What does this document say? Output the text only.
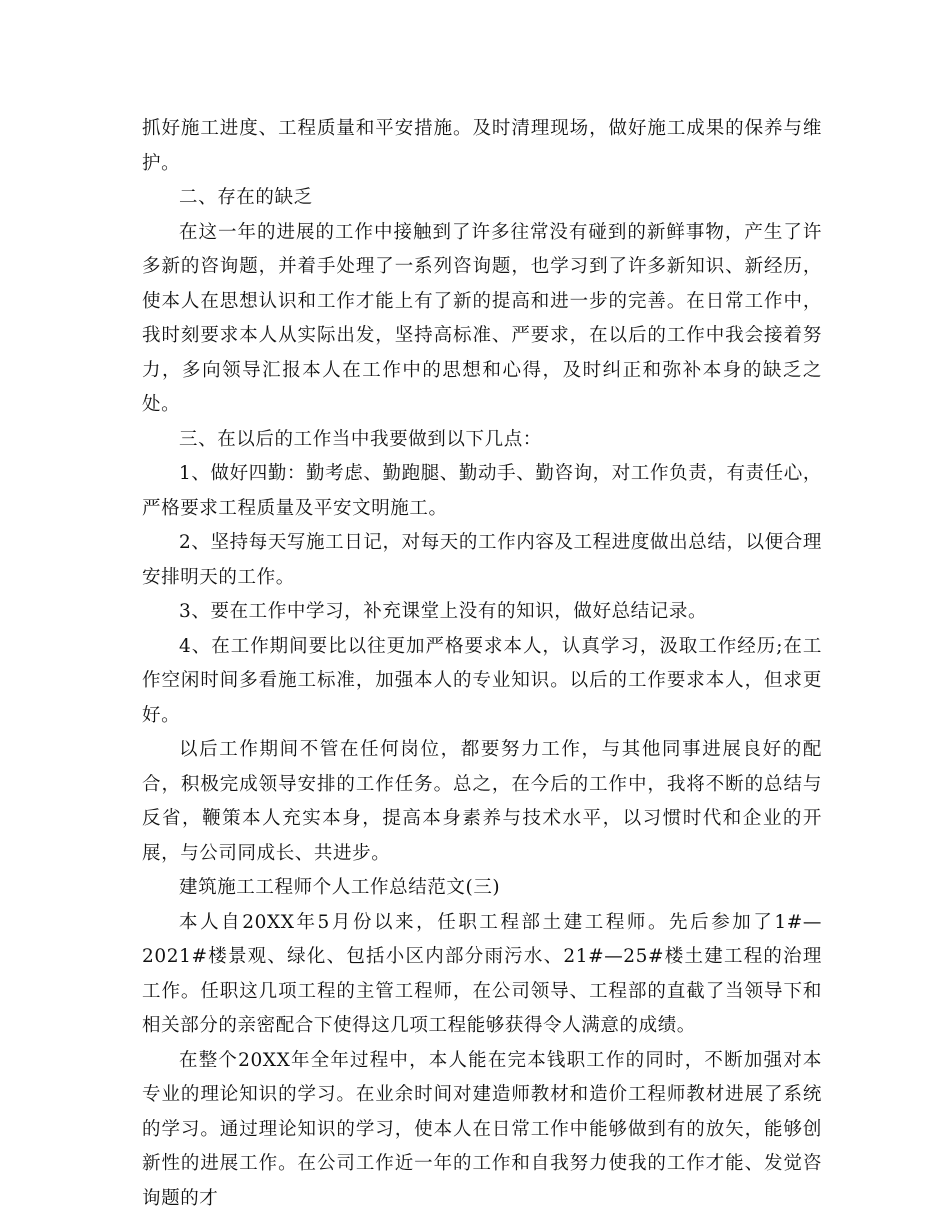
抓好施工进度、工程质量和平安措施。及时清理现场，做好施工成果的保养与维护。

二、存在的缺乏

在这一年的进展的工作中接触到了许多往常没有碰到的新鲜事物，产生了许多新的咨询题，并着手处理了一系列咨询题，也学习到了许多新知识、新经历，使本人在思想认识和工作才能上有了新的提高和进一步的完善。在日常工作中，我时刻要求本人从实际出发，坚持高标准、严要求，在以后的工作中我会接着努力，多向领导汇报本人在工作中的思想和心得，及时纠正和弥补本身的缺乏之处。

三、在以后的工作当中我要做到以下几点：

1、做好四勤：勤考虑、勤跑腿、勤动手、勤咨询，对工作负责，有责任心，严格要求工程质量及平安文明施工。

2、坚持每天写施工日记，对每天的工作内容及工程进度做出总结，以便合理安排明天的工作。

3、要在工作中学习，补充课堂上没有的知识，做好总结记录。

4、在工作期间要比以往更加严格要求本人，认真学习，汲取工作经历;在工作空闲时间多看施工标准，加强本人的专业知识。以后的工作要求本人，但求更好。

以后工作期间不管在任何岗位，都要努力工作，与其他同事进展良好的配合，积极完成领导安排的工作任务。总之，在今后的工作中，我将不断的总结与反省，鞭策本人充实本身，提高本身素养与技术水平，以习惯时代和企业的开展，与公司同成长、共进步。

建筑施工工程师个人工作总结范文(三)

本人自20XX年5月份以来，任职工程部土建工程师。先后参加了1#—2021#楼景观、绿化、包括小区内部分雨污水、21#—25#楼土建工程的治理工作。任职这几项工程的主管工程师，在公司领导、工程部的直截了当领导下和相关部分的亲密配合下使得这几项工程能够获得令人满意的成绩。

在整个20XX年全年过程中，本人能在完本钱职工作的同时，不断加强对本专业的理论知识的学习。在业余时间对建造师教材和造价工程师教材进展了系统的学习。通过理论知识的学习，使本人在日常工作中能够做到有的放矢，能够创新性的进展工作。在公司工作近一年的工作和自我努力使我的工作才能、发觉咨询题的才
